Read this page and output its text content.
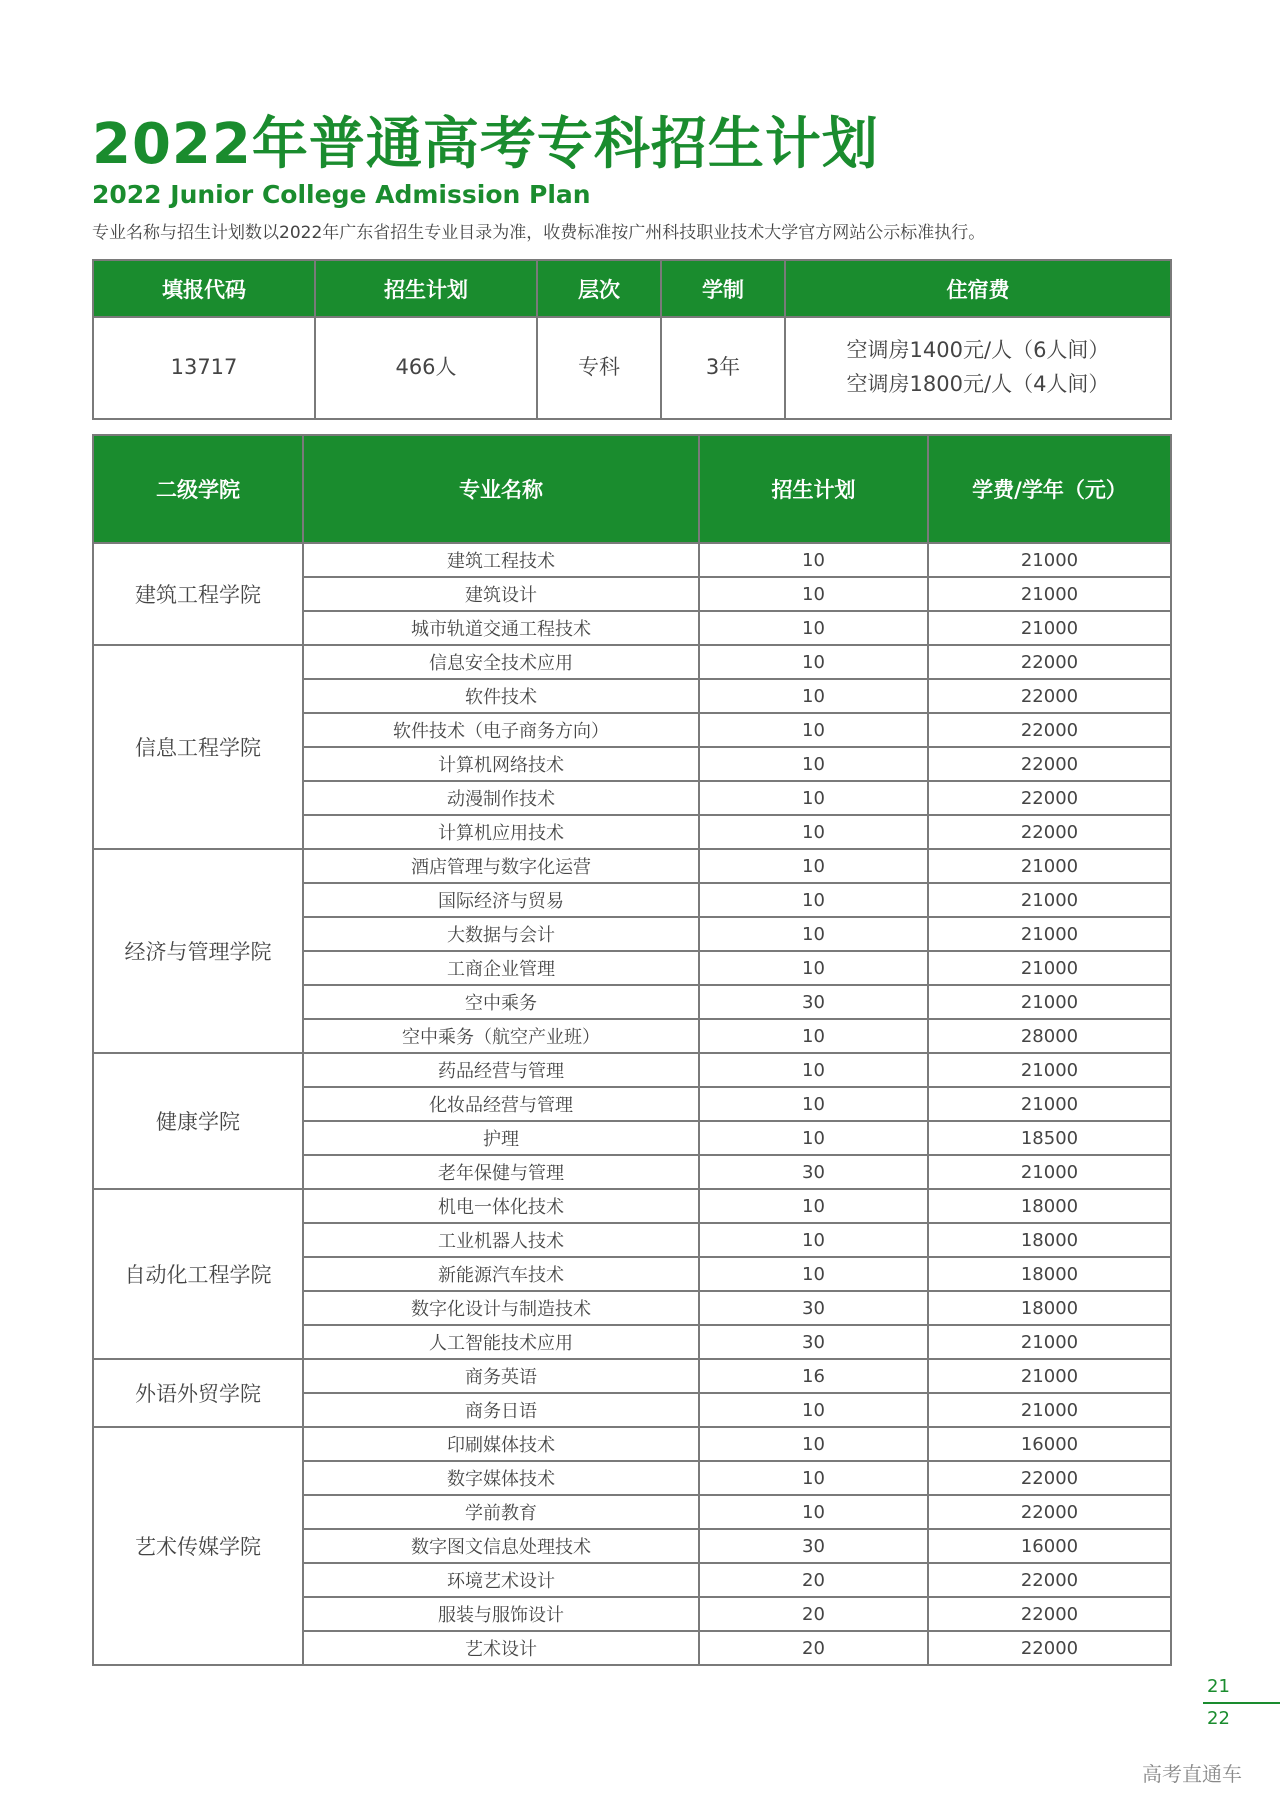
2022年普通高考专科招生计划
2022 Junior College Admission Plan

专业名称与招生计划数以2022年广东省招生专业目录为准，收费标准按广州科技职业技术大学官方网站公示标准执行。

填报代码	招生计划	层次	学制	住宿费
13717	466人	专科	3年	空调房1400元/人（6人间）
空调房1800元/人（4人间）
二级学院	专业名称	招生计划	学费/学年（元）
建筑工程学院	建筑工程技术	10	21000
	建筑设计	10	21000
	城市轨道交通工程技术	10	21000
信息工程学院	信息安全技术应用	10	22000
	软件技术	10	22000
	软件技术（电子商务方向）	10	22000
	计算机网络技术	10	22000
	动漫制作技术	10	22000
	计算机应用技术	10	22000
经济与管理学院	酒店管理与数字化运营	10	21000
	国际经济与贸易	10	21000
	大数据与会计	10	21000
	工商企业管理	10	21000
	空中乘务	30	21000
	空中乘务（航空产业班）	10	28000
健康学院	药品经营与管理	10	21000
	化妆品经营与管理	10	21000
	护理	10	18500
	老年保健与管理	30	21000
自动化工程学院	机电一体化技术	10	18000
	工业机器人技术	10	18000
	新能源汽车技术	10	18000
	数字化设计与制造技术	30	18000
	人工智能技术应用	30	21000
外语外贸学院	商务英语	16	21000
	商务日语	10	21000
艺术传媒学院	印刷媒体技术	10	16000
	数字媒体技术	10	22000
	学前教育	10	22000
	数字图文信息处理技术	30	16000
	环境艺术设计	20	22000
	服装与服饰设计	20	22000
	艺术设计	20	22000
21
22
高考直通车
